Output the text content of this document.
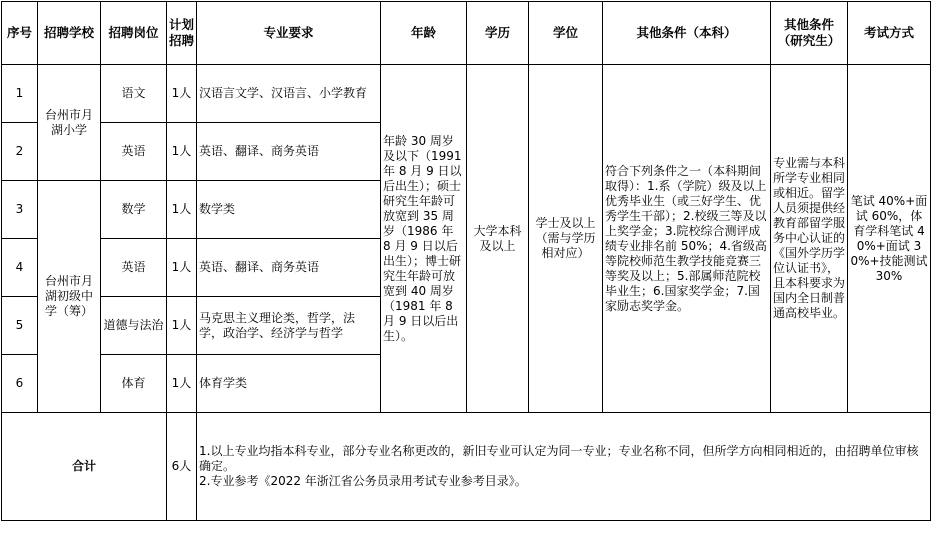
序号	招聘学校	招聘岗位	计划招聘	专业要求	年龄	学历	学位	其他条件（本科）	其他条件（研究生）	考试方式
1	台州市月湖小学	语文	1人	汉语言文学、汉语言、小学教育	年龄 30 周岁及以下（1991 年 8 月 9 日以后出生）；硕士研究生年龄可放宽到 35 周岁（1986 年 8 月 9 日以后出生）；博士研究生年龄可放宽到 40 周岁（1981 年 8 月 9 日以后出生）。	大学本科及以上	学士及以上（需与学历相对应）	符合下列条件之一（本科期间取得）：1.系（学院）级及以上优秀毕业生（或三好学生、优秀学生干部）；2.校级三等及以上奖学金；3.院校综合测评成绩专业排名前 50%；4.省级高等院校师范生教学技能竞赛三等奖及以上；5.部属师范院校毕业生；6.国家奖学金；7.国家励志奖学金。	专业需与本科所学专业相同或相近。留学人员须提供经教育部留学服务中心认证的《国外学历学位认证书》，且本科要求为国内全日制普通高校毕业。	笔试 40%+面试 60%，体育学科笔试 40%+面试 30%+技能测试 30%
2		英语	1人	英语、翻译、商务英语						
3	台州市月湖初级中学（筹）	数学	1人	数学类						
4		英语	1人	英语、翻译、商务英语						
5		道德与法治	1人	马克思主义理论类，哲学，法学，政治学、经济学与哲学						
6		体育	1人	体育学类						
合计			6人	1.以上专业均指本科专业，部分专业名称更改的，新旧专业可认定为同一专业；专业名称不同，但所学方向相同相近的，由招聘单位审核确定。
2.专业参考《2022 年浙江省公务员录用考试专业参考目录》。						
